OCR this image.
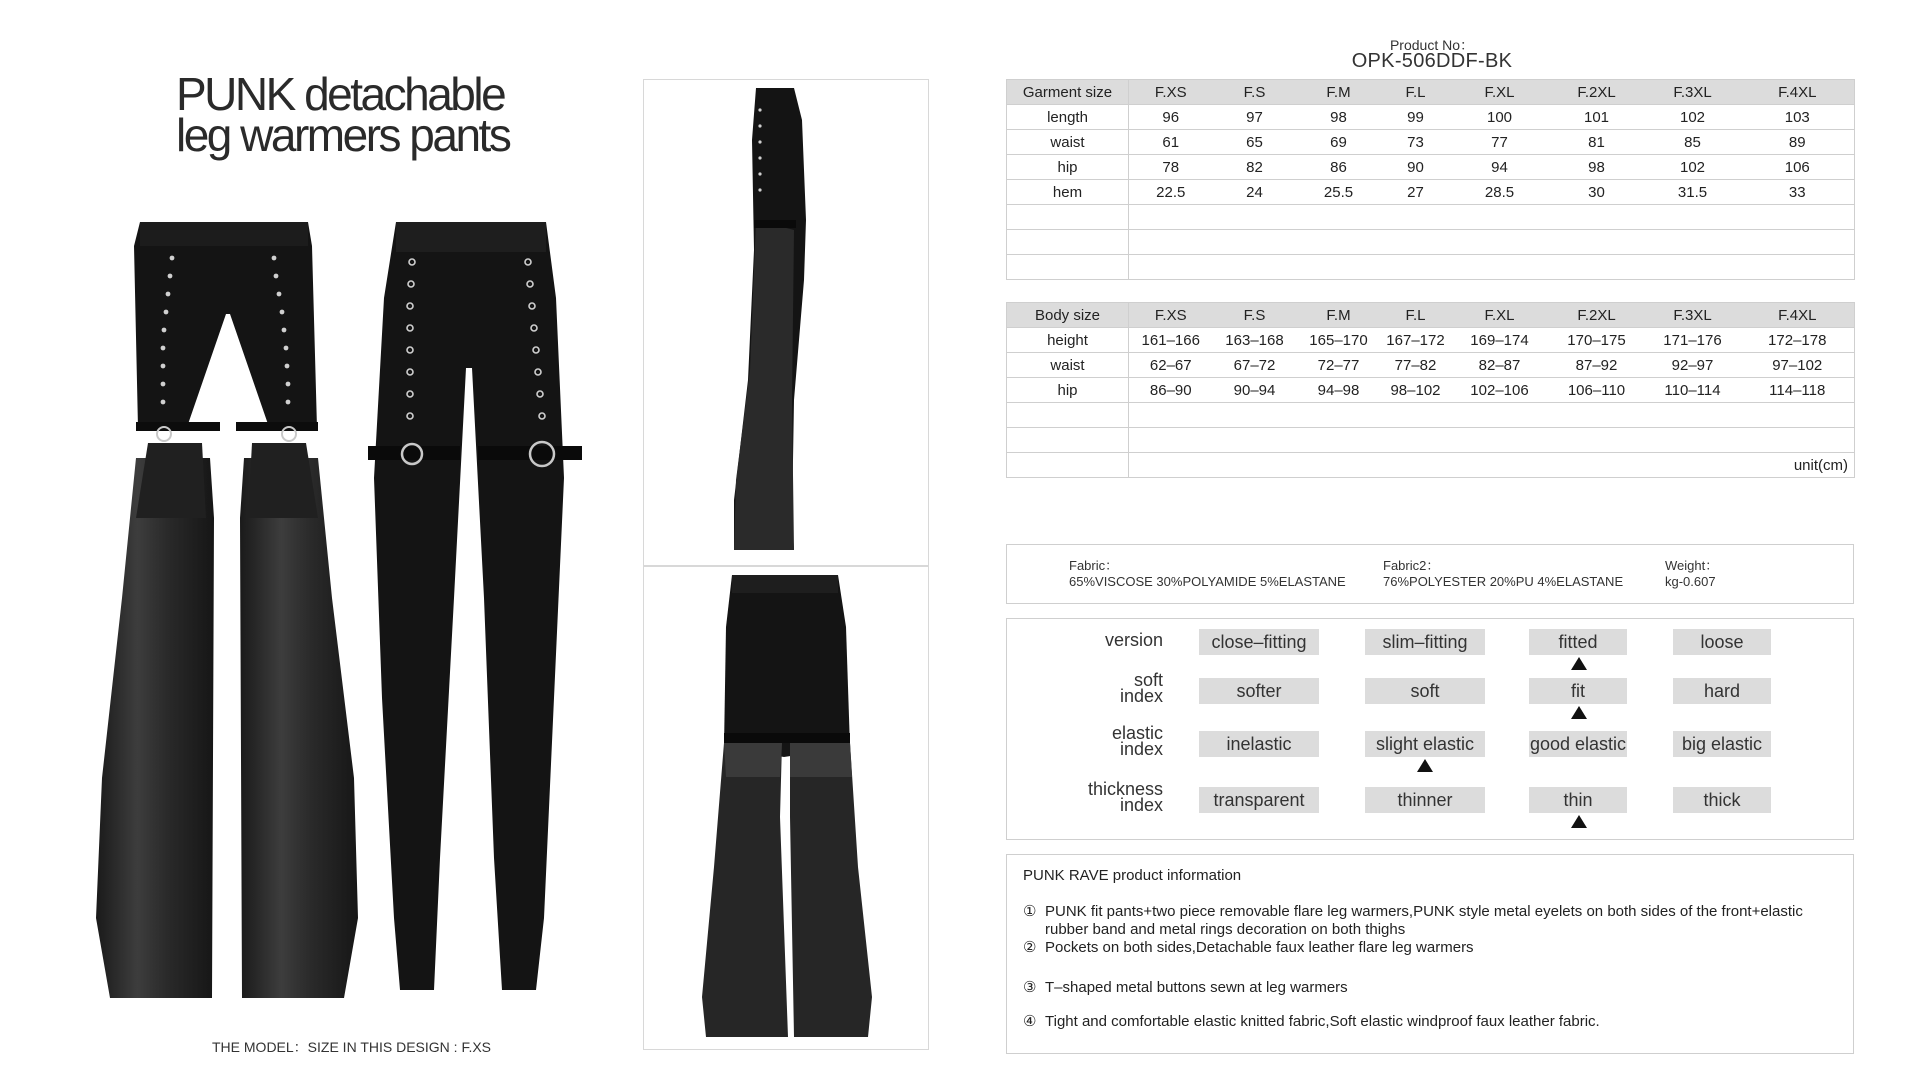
PUNK detachable
leg warmers pants
THE MODEL：SIZE IN THIS DESIGN : F.XS
Product No：
OPK-506DDF-BK
Garment size	F.XS	F.S	F.M	F.L	F.XL	F.2XL	F.3XL	F.4XL
length	96	97	98	99	100	101	102	103
waist	61	65	69	73	77	81	85	89
hip	78	82	86	90	94	98	102	106
hem	22.5	24	25.5	27	28.5	30	31.5	33

Body size	F.XS	F.S	F.M	F.L	F.XL	F.2XL	F.3XL	F.4XL
height	161–166	163–168	165–170	167–172	169–174	170–175	171–176	172–178
waist	62–67	67–72	72–77	77–82	82–87	87–92	92–97	97–102
hip	86–90	90–94	94–98	98–102	102–106	106–110	110–114	114–118

	unit(cm)							
Fabric：
65%VISCOSE 30%POLYAMIDE 5%ELASTANE
Fabric2：
76%POLYESTER 20%PU 4%ELASTANE
Weight：
kg-0.607
version	close–fitting	slim–fitting	fitted	loose
soft
index	softer	soft	fit	hard
elastic
index	inelastic	slight elastic	good elastic	big elastic
thickness
index	transparent	thinner	thin	thick
PUNK RAVE product information
① PUNK fit pants+two piece removable flare leg warmers,PUNK style metal eyelets on both sides of the front+elastic rubber band and metal rings decoration on both thighs
② Pockets on both sides,Detachable faux leather flare leg warmers
③ T–shaped metal buttons sewn at leg warmers
④ Tight and comfortable elastic knitted fabric,Soft elastic windproof faux leather fabric.
